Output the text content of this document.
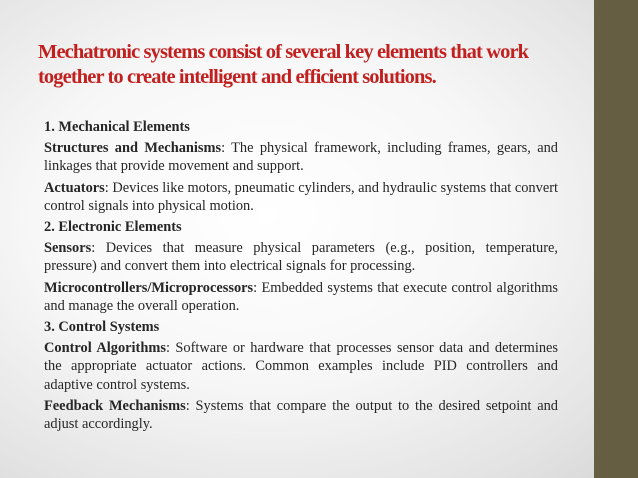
Mechatronic systems consist of several key elements that work
together to create intelligent and efficient solutions.

1. Mechanical Elements

Structures and Mechanisms: The physical framework, including frames, gears, and linkages that provide movement and support.

Actuators: Devices like motors, pneumatic cylinders, and hydraulic systems that convert control signals into physical motion.

2. Electronic Elements

Sensors: Devices that measure physical parameters (e.g., position, temperature, pressure) and convert them into electrical signals for processing.

Microcontrollers/Microprocessors: Embedded systems that execute control algorithms and manage the overall operation.

3. Control Systems

Control Algorithms: Software or hardware that processes sensor data and determines the appropriate actuator actions. Common examples include PID controllers and adaptive control systems.

Feedback Mechanisms: Systems that compare the output to the desired setpoint and adjust accordingly.
